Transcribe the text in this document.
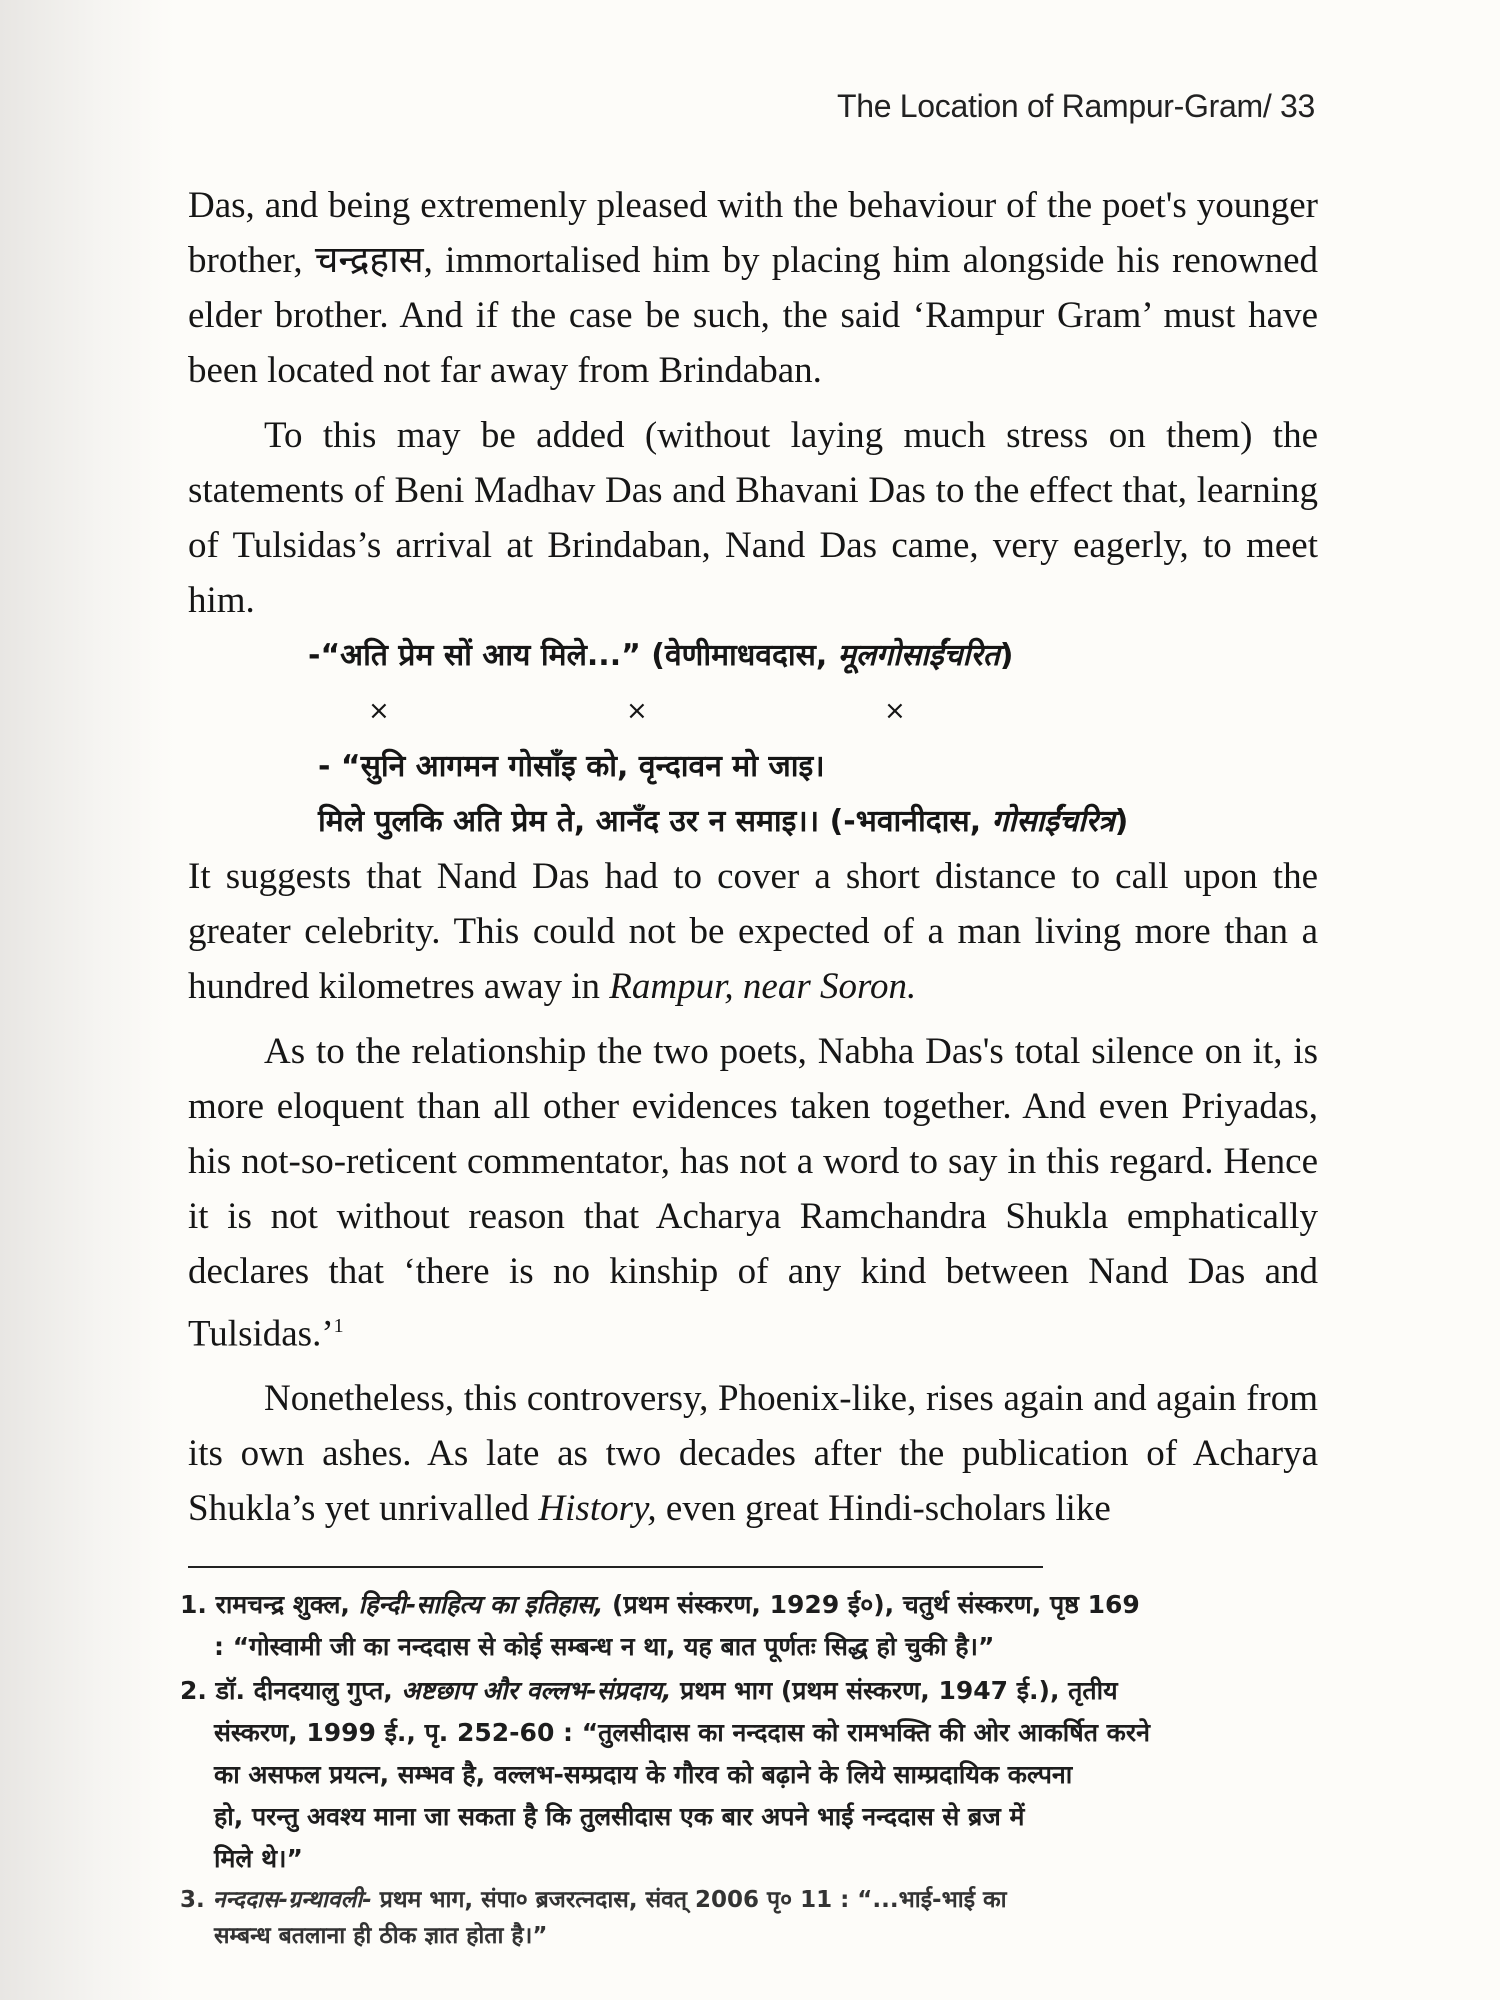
The Location of Rampur-Gram/ 33

Das, and being extremenly pleased with the behaviour of the poet's younger brother, चन्द्रहास, immortalised him by placing him alongside his renowned elder brother. And if the case be such, the said ‘Rampur Gram’ must have been located not far away from Brindaban.

To this may be added (without laying much stress on them) the statements of Beni Madhav Das and Bhavani Das to the effect that, learning of Tulsidas’s arrival at Brindaban, Nand Das came, very eagerly, to meet him.

-“अति प्रेम सों आय मिले...” (वेणीमाधवदास, मूलगोसाईंचरित)
×	×	×
- “सुनि आगमन गोसाँइ को, वृन्दावन मो जाइ।
मिले पुलकि अति प्रेम ते, आनँद उर न समाइ।। (-भवानीदास, गोसाईंचरित्र)

It suggests that Nand Das had to cover a short distance to call upon the greater celebrity. This could not be expected of a man living more than a hundred kilometres away in Rampur, near Soron.

As to the relationship the two poets, Nabha Das's total silence on it, is more eloquent than all other evidences taken together. And even Priyadas, his not-so-reticent commentator, has not a word to say in this regard. Hence it is not without reason that Acharya Ramchandra Shukla emphatically declares that ‘there is no kinship of any kind between Nand Das and Tulsidas.’$^1$

Nonetheless, this controversy, Phoenix-like, rises again and again from its own ashes. As late as two decades after the publication of Acharya Shukla’s yet unrivalled History, even great Hindi-scholars like

1. रामचन्द्र शुक्ल, हिन्दी-साहित्य का इतिहास, (प्रथम संस्करण, 1929 ई०), चतुर्थ संस्करण, पृष्ठ 169
: “गोस्वामी जी का नन्ददास से कोई सम्बन्ध न था, यह बात पूर्णतः सिद्ध हो चुकी है।”
2. डॉ. दीनदयालु गुप्त, अष्टछाप और वल्लभ-संप्रदाय, प्रथम भाग (प्रथम संस्करण, 1947 ई.), तृतीय
संस्करण, 1999 ई., पृ. 252-60 : “तुलसीदास का नन्ददास को रामभक्ति की ओर आकर्षित करने
का असफल प्रयत्न, सम्भव है, वल्लभ-सम्प्रदाय के गौरव को बढ़ाने के लिये साम्प्रदायिक कल्पना
हो, परन्तु अवश्य माना जा सकता है कि तुलसीदास एक बार अपने भाई नन्ददास से ब्रज में
मिले थे।”
3. नन्ददास-ग्रन्थावली- प्रथम भाग, संपा० ब्रजरत्नदास, संवत् 2006 पृ० 11 : “...भाई-भाई का
सम्बन्ध बतलाना ही ठीक ज्ञात होता है।”
